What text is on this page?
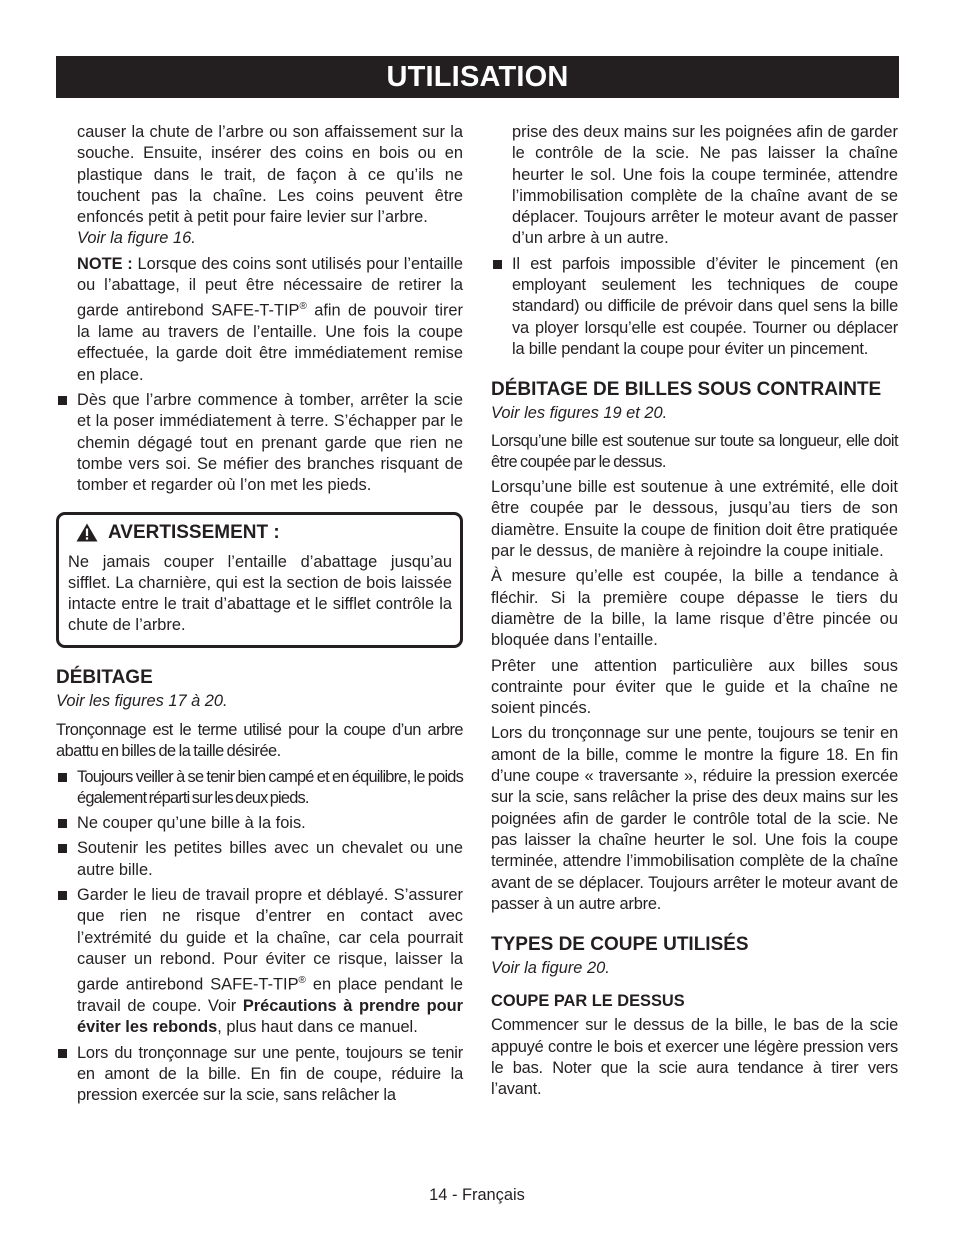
UTILISATION

causer la chute de l’arbre ou son affaissement sur la souche. Ensuite, insérer des coins en bois ou en plastique dans le trait, de façon à ce qu’ils ne touchent pas la chaîne. Les coins peuvent être enfoncés petit à petit pour faire levier sur l’arbre.
Voir la figure 16.

NOTE : Lorsque des coins sont utilisés pour l’entaille ou l’abattage, il peut être nécessaire de retirer la garde antirebond SAFE-T-TIP® afin de pouvoir tirer la lame au travers de l’entaille. Une fois la coupe effectuée, la garde doit être immédiatement remise en place.

Dès que l’arbre commence à tomber, arrêter la scie et la poser immédiatement à terre. S’échapper par le chemin dégagé tout en prenant garde que rien ne tombe vers soi. Se méfier des branches risquant de tomber et regarder où l’on met les pieds.
AVERTISSEMENT :

Ne jamais couper l’entaille d’abattage jusqu’au sifflet. La charnière, qui est la section de bois laissée intacte entre le trait d’abattage et le sifflet contrôle la chute de l’arbre.

DÉBITAGE

Voir les figures 17 à 20.

Tronçonnage est le terme utilisé pour la coupe d’un arbre abattu en billes de la taille désirée.

Toujours veiller à se tenir bien campé et en équilibre, le poids également réparti sur les deux pieds.
Ne couper qu’une bille à la fois.
Soutenir les petites billes avec un chevalet ou une autre bille.
Garder le lieu de travail propre et déblayé. S’assurer que rien ne risque d’entrer en contact avec l’extrémité du guide et la chaîne, car cela pourrait causer un rebond. Pour éviter ce risque, laisser la garde antirebond SAFE-T-TIP® en place pendant le travail de coupe. Voir Précautions à prendre pour éviter les rebonds, plus haut dans ce manuel.
Lors du tronçonnage sur une pente, toujours se tenir en amont de la bille. En fin de coupe, réduire la pression exercée sur la scie, sans relâcher la

prise des deux mains sur les poignées afin de garder le contrôle de la scie. Ne pas laisser la chaîne heurter le sol. Une fois la coupe terminée, attendre l’immobilisation complète de la chaîne avant de se déplacer. Toujours arrêter le moteur avant de passer d’un arbre à un autre.

Il est parfois impossible d’éviter le pincement (en employant seulement les techniques de coupe standard) ou difficile de prévoir dans quel sens la bille va ployer lorsqu’elle est coupée. Tourner ou déplacer la bille pendant la coupe pour éviter un pincement.
DÉBITAGE DE BILLES SOUS CONTRAINTE

Voir les figures 19 et 20.

Lorsqu’une bille est soutenue sur toute sa longueur, elle doit être coupée par le dessus.

Lorsqu’une bille est soutenue à une extrémité, elle doit être coupée par le dessous, jusqu’au tiers de son diamètre. Ensuite la coupe de finition doit être pratiquée par le dessus, de manière à rejoindre la coupe initiale.

À mesure qu’elle est coupée, la bille a tendance à fléchir. Si la première coupe dépasse le tiers du diamètre de la bille, la lame risque d’être pincée ou bloquée dans l’entaille.

Prêter une attention particulière aux billes sous contrainte pour éviter que le guide et la chaîne ne soient pincés.

Lors du tronçonnage sur une pente, toujours se tenir en amont de la bille, comme le montre la figure 18. En fin d’une coupe « traversante », réduire la pression exercée sur la scie, sans relâcher la prise des deux mains sur les poignées afin de garder le contrôle total de la scie. Ne pas laisser la chaîne heurter le sol. Une fois la coupe terminée, attendre l’immobilisation complète de la chaîne avant de se déplacer. Toujours arrêter le moteur avant de passer à un autre arbre.

TYPES DE COUPE UTILISÉS

Voir la figure 20.

COUPE PAR LE DESSUS

Commencer sur le dessus de la bille, le bas de la scie appuyé contre le bois et exercer une légère pression vers le bas. Noter que la scie aura tendance à tirer vers l’avant.

14 - Français
